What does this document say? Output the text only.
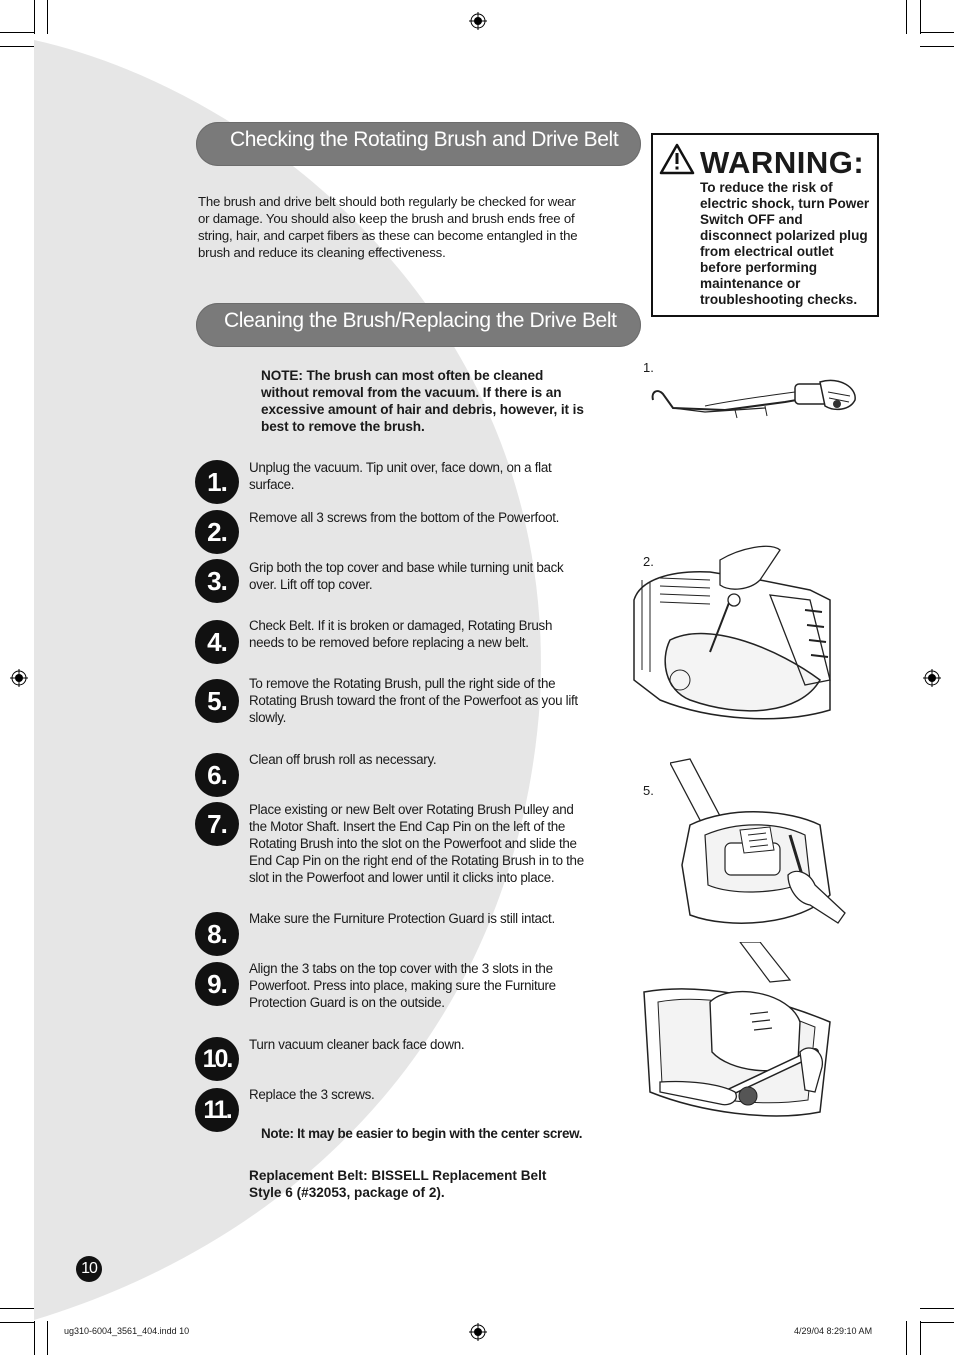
Checking the Rotating Brush and Drive Belt
The brush and drive belt should both regularly be checked for wear or damage. You should also keep the brush and brush ends free of string, hair, and carpet fibers as these can become entangled in the brush and reduce its cleaning effectiveness.
Cleaning the Brush/Replacing the Drive Belt
WARNING:
To reduce the risk of electric shock, turn Power Switch OFF and disconnect polarized plug from electrical outlet before performing maintenance or troubleshooting checks.
NOTE: The brush can most often be cleaned without removal from the vacuum. If there is an excessive amount of hair and debris, however, it is best to remove the brush.
1.	Unplug the vacuum. Tip unit over, face down, on a flat surface.
2.	Remove all 3 screws from the bottom of the Powerfoot.
3.	Grip both the top cover and base while turning unit back over. Lift off top cover.
4.
Check Belt. If it is broken or damaged, Rotating Brush needs to be removed before replacing a new belt.
5.
To remove the Rotating Brush, pull the right side of the Rotating Brush toward the front of the Powerfoot as you lift slowly.
6.
Clean off brush roll as necessary.
7.	Place existing or new Belt over Rotating Brush Pulley and the Motor Shaft. Insert the End Cap Pin on the left of the Rotating Brush into the slot on the Powerfoot and slide the End Cap Pin on the right end of the Rotating Brush in to the slot in the Powerfoot and lower until it clicks into place.
8.
Make sure the Furniture Protection Guard is still intact.
9.
Align the 3 tabs on the top cover with the 3 slots in the Powerfoot. Press into place, making sure the Furniture Protection Guard is on the outside.
10.
Turn vacuum cleaner back face down.
11.
Replace the 3 screws.
Note: It may be easier to begin with the center screw.
Replacement Belt: BISSELL Replacement Belt Style 6 (#32053, package of 2).
1.
2.
5.
10
ug310-6004_3561_404.indd 10	4/29/04 8:29:10 AM
